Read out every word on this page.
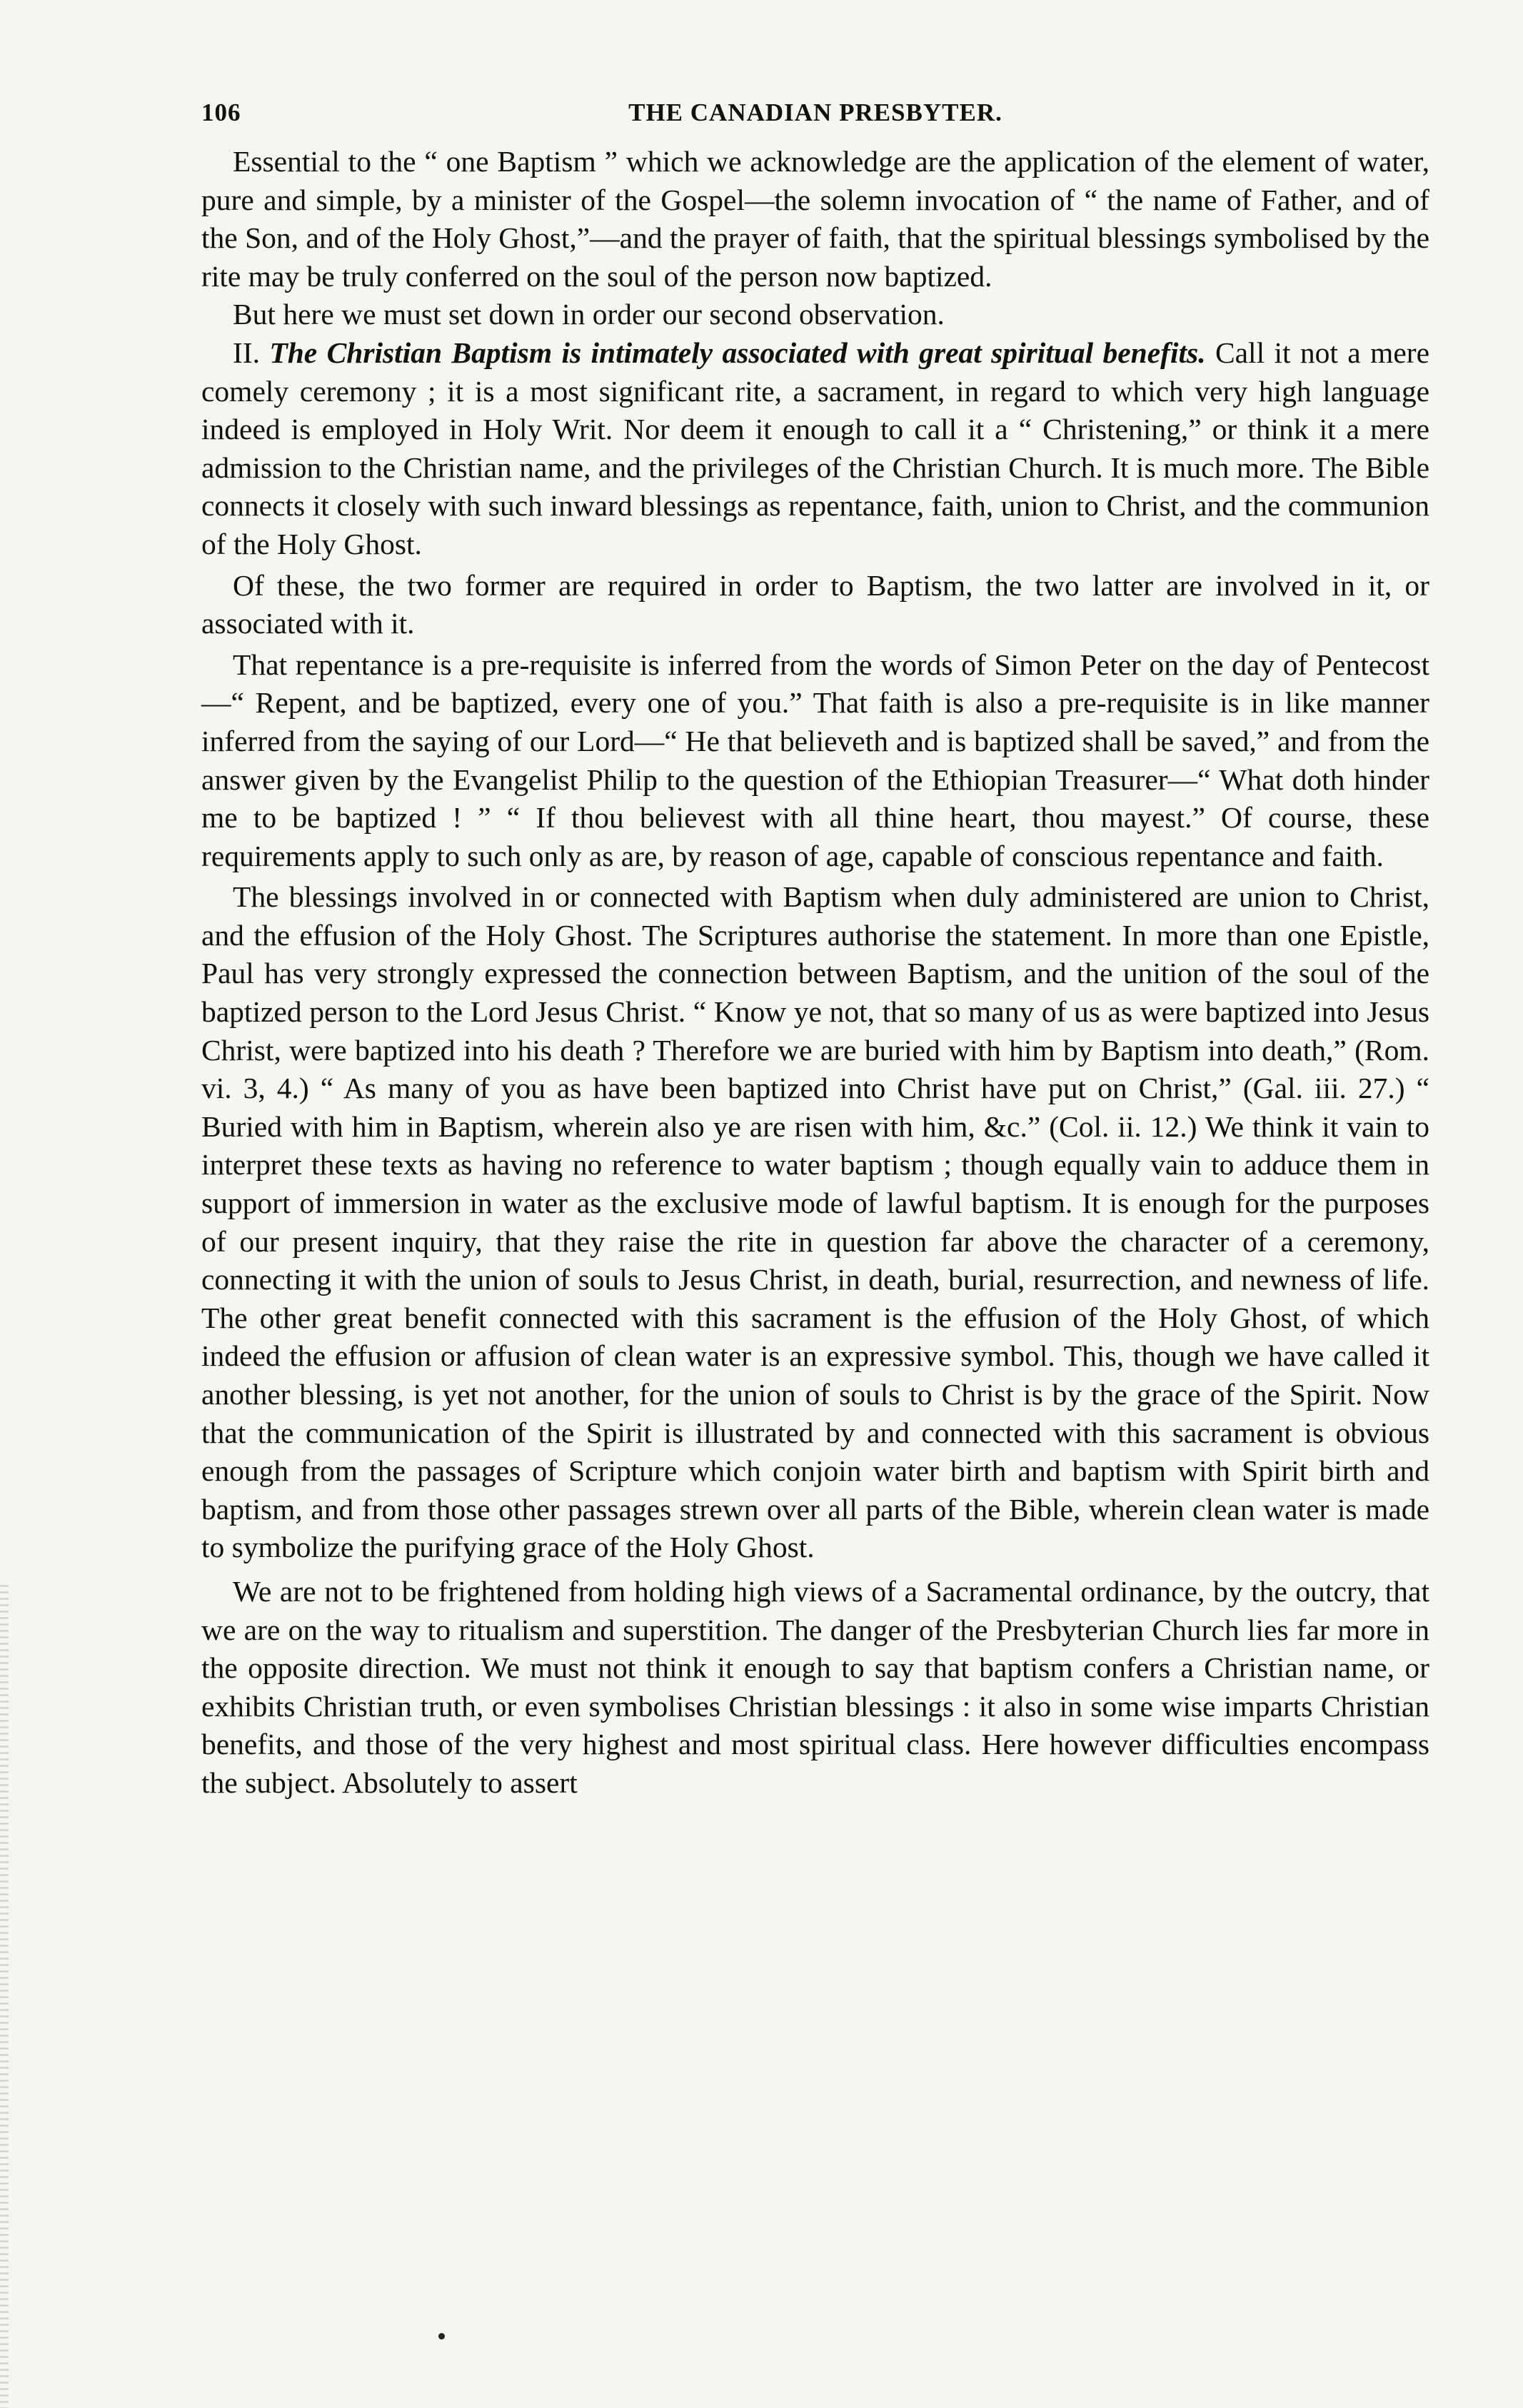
106	THE CANADIAN PRESBYTER.

Essential to the “ one Baptism ” which we acknowledge are the application of the element of water, pure and simple, by a minister of the Gospel—the solemn invocation of “ the name of Father, and of the Son, and of the Holy Ghost,”—and the prayer of faith, that the spiritual blessings symbolised by the rite may be truly conferred on the soul of the person now baptized.

But here we must set down in order our second observation.

II. The Christian Baptism is intimately associated with great spiritual benefits. Call it not a mere comely ceremony ; it is a most significant rite, a sacrament, in regard to which very high language indeed is employed in Holy Writ. Nor deem it enough to call it a “ Christening,” or think it a mere admission to the Christian name, and the privileges of the Christian Church. It is much more. The Bible connects it closely with such inward blessings as repentance, faith, union to Christ, and the communion of the Holy Ghost.

Of these, the two former are required in order to Baptism, the two latter are involved in it, or associated with it.

That repentance is a pre-requisite is inferred from the words of Simon Peter on the day of Pentecost—“ Repent, and be baptized, every one of you.” That faith is also a pre-requisite is in like manner inferred from the saying of our Lord—“ He that believeth and is baptized shall be saved,” and from the answer given by the Evangelist Philip to the question of the Ethiopian Treasurer—“ What doth hinder me to be baptized ! ” “ If thou believest with all thine heart, thou mayest.” Of course, these requirements apply to such only as are, by reason of age, capable of conscious repentance and faith.

The blessings involved in or connected with Baptism when duly administered are union to Christ, and the effusion of the Holy Ghost. The Scriptures authorise the statement. In more than one Epistle, Paul has very strongly expressed the connection between Baptism, and the unition of the soul of the baptized person to the Lord Jesus Christ. “ Know ye not, that so many of us as were baptized into Jesus Christ, were baptized into his death ? Therefore we are buried with him by Baptism into death,” (Rom. vi. 3, 4.) “ As many of you as have been baptized into Christ have put on Christ,” (Gal. iii. 27.) “ Buried with him in Baptism, wherein also ye are risen with him, &c.” (Col. ii. 12.) We think it vain to interpret these texts as having no reference to water baptism ; though equally vain to adduce them in support of immersion in water as the exclusive mode of lawful baptism. It is enough for the purposes of our present inquiry, that they raise the rite in question far above the character of a ceremony, connecting it with the union of souls to Jesus Christ, in death, burial, resurrection, and newness of life. The other great benefit connected with this sacrament is the effusion of the Holy Ghost, of which indeed the effusion or affusion of clean water is an expressive symbol. This, though we have called it another blessing, is yet not another, for the union of souls to Christ is by the grace of the Spirit. Now that the communication of the Spirit is illustrated by and connected with this sacrament is obvious enough from the passages of Scripture which conjoin water birth and baptism with Spirit birth and baptism, and from those other passages strewn over all parts of the Bible, wherein clean water is made to symbolize the purifying grace of the Holy Ghost.

We are not to be frightened from holding high views of a Sacramental ordinance, by the outcry, that we are on the way to ritualism and superstition. The danger of the Presbyterian Church lies far more in the opposite direction. We must not think it enough to say that baptism confers a Christian name, or exhibits Christian truth, or even symbolises Christian blessings : it also in some wise imparts Christian benefits, and those of the very highest and most spiritual class. Here however difficulties encompass the subject. Absolutely to assert
